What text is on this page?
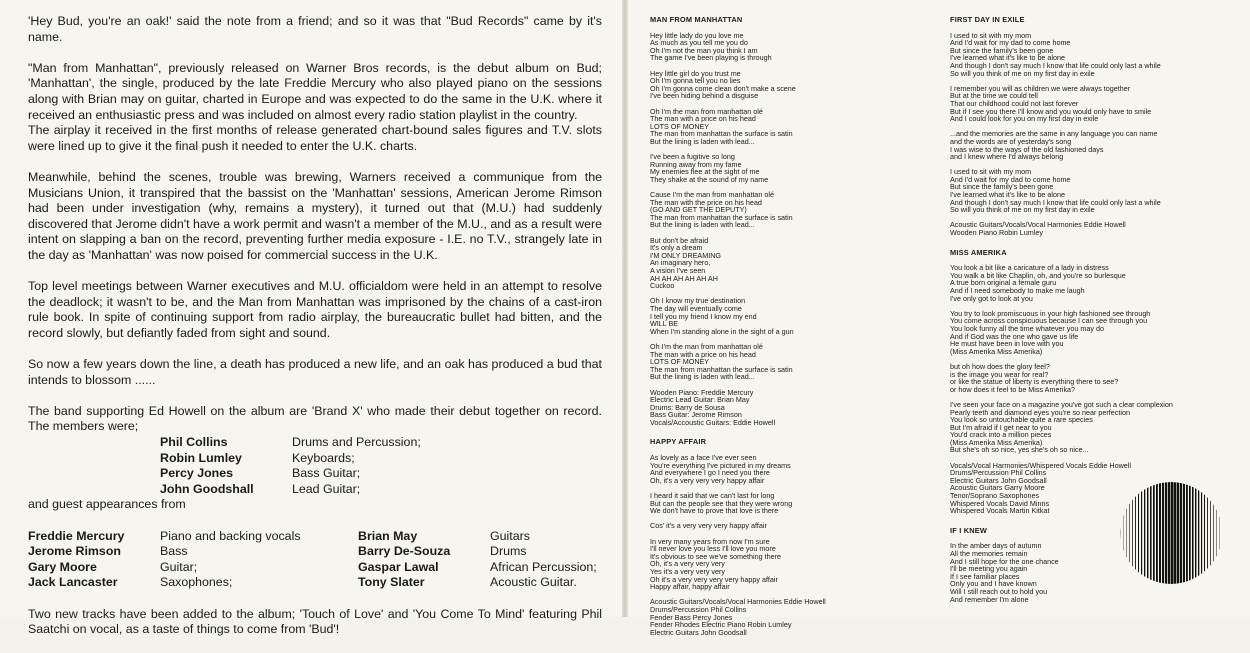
'Hey Bud, you're an oak!' said the note from a friend; and so it was that "Bud Records" came by it's name.

"Man from Manhattan", previously released on Warner Bros records, is the debut album on Bud; 'Manhattan', the single, produced by the late Freddie Mercury who also played piano on the sessions along with Brian may on guitar, charted in Europe and was expected to do the same in the U.K. where it received an enthusiastic press and was included on almost every radio station playlist in the country.

The airplay it received in the first months of release generated chart-bound sales figures and T.V. slots were lined up to give it the final push it needed to enter the U.K. charts.

Meanwhile, behind the scenes, trouble was brewing, Warners received a communique from the Musicians Union, it transpired that the bassist on the 'Manhattan' sessions, American Jerome Rimson had been under investigation (why, remains a mystery), it turned out that (M.U.) had suddenly discovered that Jerome didn't have a work permit and wasn't a member of the M.U., and as a result were intent on slapping a ban on the record, preventing further media exposure - I.E. no T.V., strangely late in the day as 'Manhattan' was now poised for commercial success in the U.K.

Top level meetings between Warner executives and M.U. officialdom were held in an attempt to resolve the deadlock; it wasn't to be, and the Man from Manhattan was imprisoned by the chains of a cast-iron rule book. In spite of continuing support from radio airplay, the bureaucratic bullet had bitten, and the record slowly, but defiantly faded from sight and sound.

So now a few years down the line, a death has produced a new life, and an oak has produced a bud that intends to blossom ......

The band supporting Ed Howell on the album are 'Brand X' who made their debut together on record. The members were;

Phil Collins	Drums and Percussion;
Robin Lumley	Keyboards;
Percy Jones	Bass Guitar;
John Goodshall	Lead Guitar;

and guest appearances from

Freddie Mercury	Piano and backing vocals	Brian May	Guitars
Jerome Rimson	Bass	Barry De-Souza	Drums
Gary Moore	Guitar;	Gaspar Lawal	African Percussion;
Jack Lancaster	Saxophones;	Tony Slater	Acoustic Guitar.

Two new tracks have been added to the album; 'Touch of Love' and 'You Come To Mind' featuring Phil Saatchi on vocal, as a taste of things to come from 'Bud'!

MAN FROM MANHATTAN
Hey little lady do you love me
As much as you tell me you do
Oh I'm not the man you think I am
The game I've been playing is through
Hey little girl do you trust me
Oh I'm gonna tell you no lies
Oh I'm gonna come clean don't make a scene
I've been hiding behind a disguise
Oh I'm the man from manhattan olé
The man with a price on his head
LOTS OF MONEY
The man from manhattan the surface is satin
But the lining is laden with lead...
I've been a fugitive so long
Running away from my fame
My enemies flee at the sight of me
They shake at the sound of my name
Cause I'm the man from manhattan olé
The man with the price on his head
(GO AND GET THE DEPUTY)
The man from manhattan the surface is satin
But the lining is laden with lead...
But don't be afraid
It's only a dream
I'M ONLY DREAMING
An imaginary hero,
A vision I've seen
AH AH AH AH AH AH
Cuckoo
Oh I know my true destination
The day will eventually come
I tell you my friend I know my end
WILL BE
When I'm standing alone in the sight of a gun
Oh I'm the man from manhattan olé
The man with a price on his head
LOTS OF MONEY
The man from manhattan the surface is satin
But the lining is laden with lead...
Wooden Piano: Freddie Mercury
Electric Lead Guitar: Brian May
Drums: Barry de Sousa
Bass Guitar: Jerome Rimson
Vocals/Accoustic Guitars: Eddie Howell
HAPPY AFFAIR
As lovely as a face I've ever seen
You're everything I've pictured in my dreams
And everywhere I go I need you there
Oh, it's a very very very happy affair
I heard it said that we can't last for long
But can the people see that they were wrong
We don't have to prove that love is there
Cos' it's a very very very happy affair
In very many years from now I'm sure
I'll never love you less I'll love you more
It's obvious to see we've something there
Oh, it's a very very very
Yes it's a very very very
Oh it's a very very very very happy affair
Happy affair, happy affair
Acoustic Guitars/Vocals/Vocal Harmonies Eddie Howell
Drums/Percussion Phil Collins
Fender Bass Percy Jones
Fender Rhodes Electric Piano Robin Lumley
Electric Guitars John Goodsall
FIRST DAY IN EXILE
I used to sit with my mom
And I'd wait for my dad to come home
But since the family's been gone
I've learned what it's like to be alone
And though I don't say much I know that life could only last a while
So will you think of me on my first day in exile
I remember you will as children we were always together
But at the time we could tell
That our childhood could not last forever
But if I see you there I'll know and you would only have to smile
And I could look for you on my first day in exile
...and the memories are the same in any language you can name
and the words are of yesterday's song
I was wise to the ways of the old fashioned days
and I knew where I'd always belong
I used to sit with my mom
And I'd wait for my dad to come home
But since the family's been gone
I've learned what it's like to be alone
And though I don't say much I know that life could only last a while
So will you think of me on my first day in exile
Acoustic Guitars/Vocals/Vocal Harmonies Eddie Howell
Wooden Piano Robin Lumley
MISS AMERIKA
You look a bit like a caricature of a lady in distress
You walk a bit like Chaplin, oh, and you're so burlesque
A true born original a female guru
And if I need somebody to make me laugh
I've only got to look at you
You try to look promiscuous in your high fashioned see through
You come across conspicuous because I can see through you
You look funny all the time whatever you may do
And if God was the one who gave us life
He must have been in love with you
(Miss Amerika Miss Amerika)
but oh how does the glory feel?
is the image you wear for real?
or like the statue of liberty is everything there to see?
or how does it feel to be Miss Amerika?
I've seen your face on a magazine you've got such a clear complexion
Pearly teeth and diamond eyes you're so near perfection
You look so untouchable quite a rare species
But I'm afraid if I get near to you
You'd crack into a million pieces
(Miss Amerika Miss Amerika)
But she's oh so nice, yes she's oh so nice...
Vocals/Vocal Harmonies/Whispered Vocals Eddie Howell
Drums/Percussion Phil Collins
Electric Guitars John Goodsall
Acoustic Guitars Garry Moore
Tenor/Soprano Saxophones
Whispered Vocals David Minns
Whispered Vocals Martin Kitkat
IF I KNEW
In the amber days of autumn
All the memories remain
And I still hope for the one chance
I'll be meeting you again
If I see familiar places
Only you and I have known
Will I still reach out to hold you
And remember I'm alone
